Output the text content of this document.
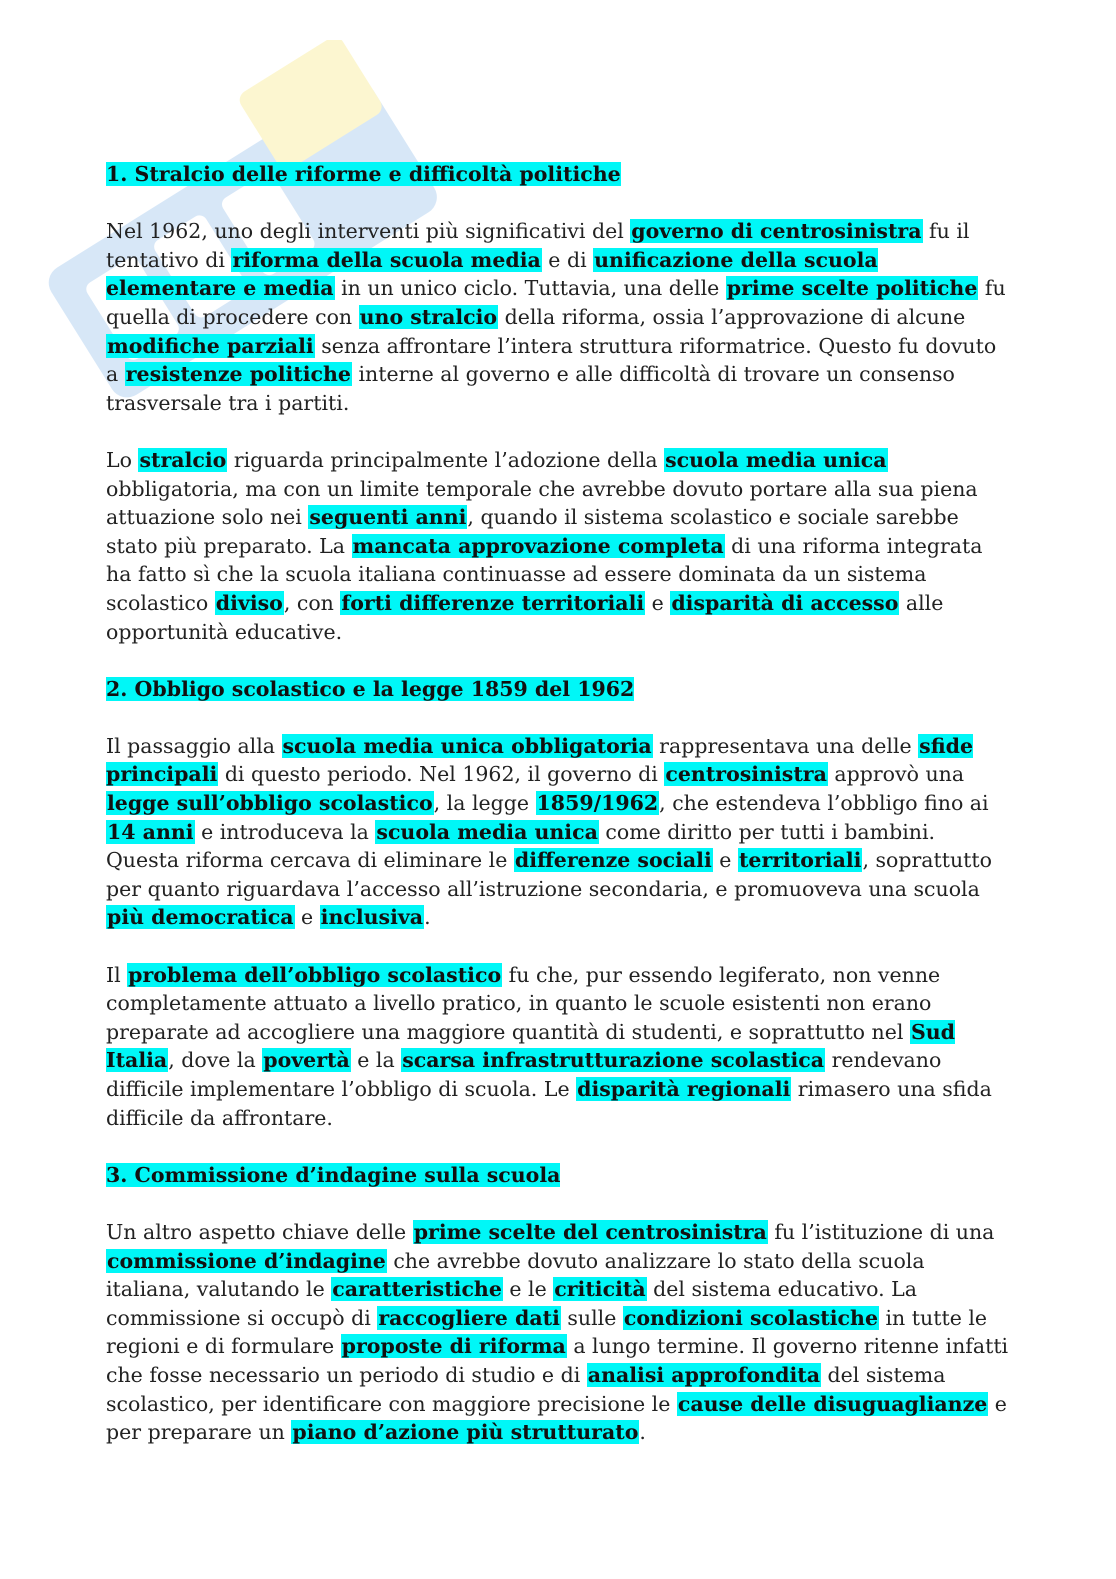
1. Stralcio delle riforme e difficoltà politiche

Nel 1962, uno degli interventi più significativi del governo di centrosinistra fu il tentativo di riforma della scuola media e di unificazione della scuola elementare e media in un unico ciclo. Tuttavia, una delle prime scelte politiche fu quella di procedere con uno stralcio della riforma, ossia l’approvazione di alcune modifiche parziali senza affrontare l’intera struttura riformatrice. Questo fu dovuto a resistenze politiche interne al governo e alle difficoltà di trovare un consenso trasversale tra i partiti.

Lo stralcio riguarda principalmente l’adozione della scuola media unica obbligatoria, ma con un limite temporale che avrebbe dovuto portare alla sua piena attuazione solo nei seguenti anni, quando il sistema scolastico e sociale sarebbe stato più preparato. La mancata approvazione completa di una riforma integrata ha fatto sì che la scuola italiana continuasse ad essere dominata da un sistema scolastico diviso, con forti differenze territoriali e disparità di accesso alle opportunità educative.

2. Obbligo scolastico e la legge 1859 del 1962

Il passaggio alla scuola media unica obbligatoria rappresentava una delle sfide principali di questo periodo. Nel 1962, il governo di centrosinistra approvò una legge sull’obbligo scolastico, la legge 1859/1962, che estendeva l’obbligo fino ai 14 anni e introduceva la scuola media unica come diritto per tutti i bambini. Questa riforma cercava di eliminare le differenze sociali e territoriali, soprattutto per quanto riguardava l’accesso all’istruzione secondaria, e promuoveva una scuola più democratica e inclusiva.

Il problema dell’obbligo scolastico fu che, pur essendo legiferato, non venne completamente attuato a livello pratico, in quanto le scuole esistenti non erano preparate ad accogliere una maggiore quantità di studenti, e soprattutto nel Sud Italia, dove la povertà e la scarsa infrastrutturazione scolastica rendevano difficile implementare l’obbligo di scuola. Le disparità regionali rimasero una sfida difficile da affrontare.

3. Commissione d’indagine sulla scuola

Un altro aspetto chiave delle prime scelte del centrosinistra fu l’istituzione di una commissione d’indagine che avrebbe dovuto analizzare lo stato della scuola italiana, valutando le caratteristiche e le criticità del sistema educativo. La commissione si occupò di raccogliere dati sulle condizioni scolastiche in tutte le regioni e di formulare proposte di riforma a lungo termine. Il governo ritenne infatti che fosse necessario un periodo di studio e di analisi approfondita del sistema scolastico, per identificare con maggiore precisione le cause delle disuguaglianze e per preparare un piano d’azione più strutturato.
